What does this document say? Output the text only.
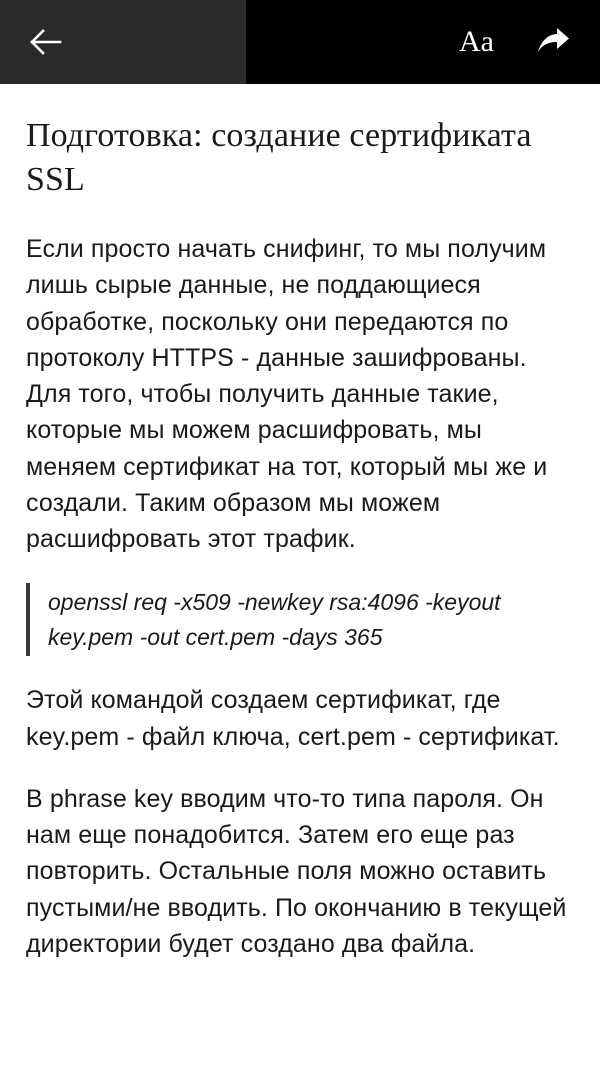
Aa
Подготовка: создание сертификата SSL

Если просто начать снифинг, то мы получим лишь сырые данные, не поддающиеся обработке, поскольку они передаются по протоколу HTTPS - данные зашифрованы. Для того, чтобы получить данные такие, которые мы можем расшифровать, мы меняем сертификат на тот, который мы же и создали. Таким образом мы можем расшифровать этот трафик.

openssl req -x509 -newkey rsa:4096 -keyout key.pem -out cert.pem -days 365

Этой командой создаем сертификат, где key.pem - файл ключа, cert.pem - сертификат.

В phrase key вводим что-то типа пароля. Он нам еще понадобится. Затем его еще раз повторить. Остальные поля можно оставить пустыми/не вводить. По окончанию в текущей директории будет создано два файла.
